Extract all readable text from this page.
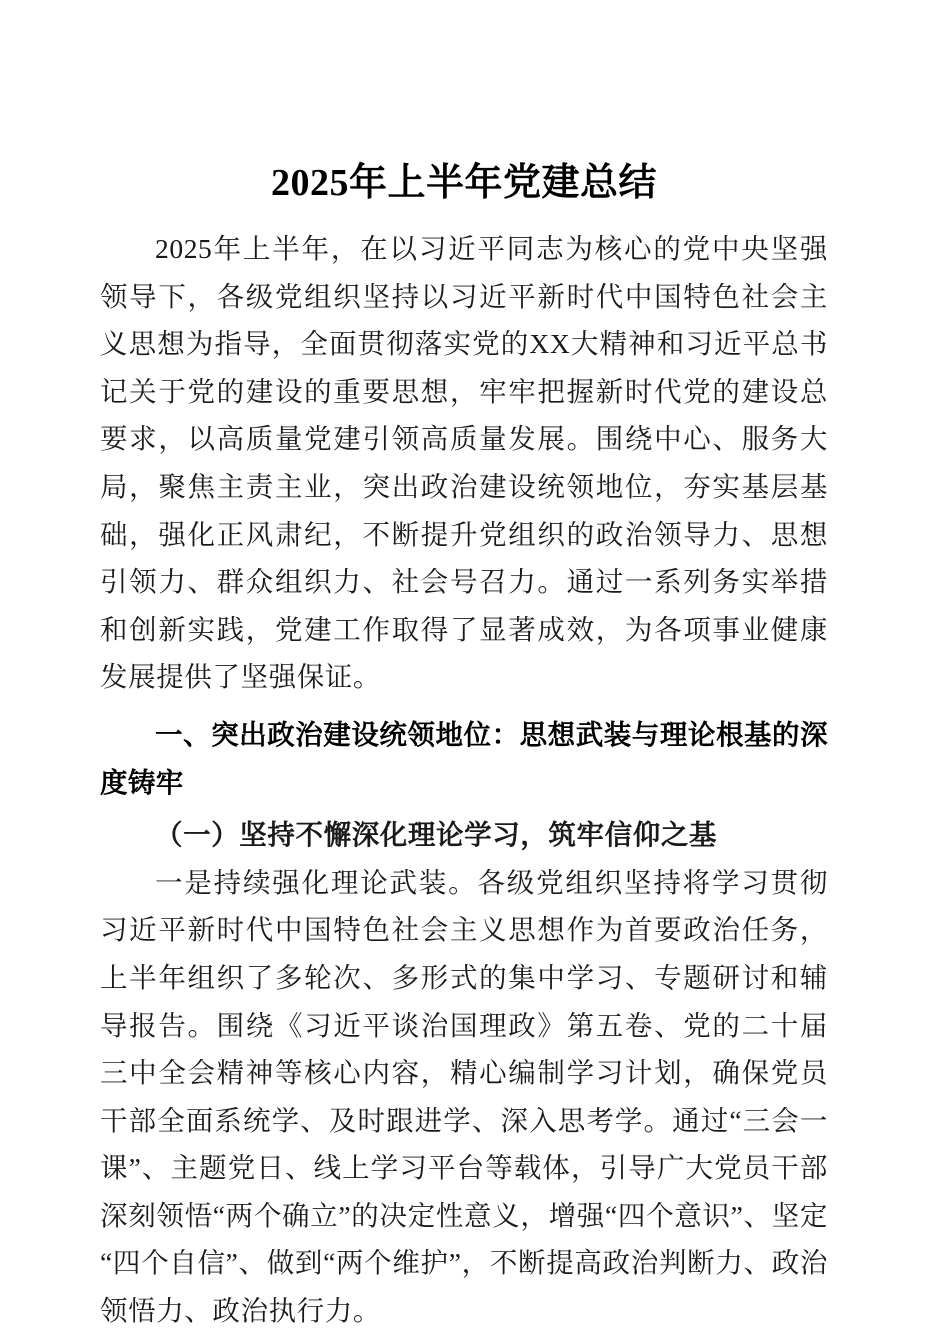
2025年上半年党建总结

2025年上半年，在以习近平同志为核心的党中央坚强领导下，各级党组织坚持以习近平新时代中国特色社会主义思想为指导，全面贯彻落实党的XX大精神和习近平总书记关于党的建设的重要思想，牢牢把握新时代党的建设总要求，以高质量党建引领高质量发展。围绕中心、服务大局，聚焦主责主业，突出政治建设统领地位，夯实基层基础，强化正风肃纪，不断提升党组织的政治领导力、思想引领力、群众组织力、社会号召力。通过一系列务实举措和创新实践，党建工作取得了显著成效，为各项事业健康发展提供了坚强保证。

一、突出政治建设统领地位：思想武装与理论根基的深度铸牢
（一）坚持不懈深化理论学习，筑牢信仰之基

一是持续强化理论武装。各级党组织坚持将学习贯彻习近平新时代中国特色社会主义思想作为首要政治任务，上半年组织了多轮次、多形式的集中学习、专题研讨和辅导报告。围绕《习近平谈治国理政》第五卷、党的二十届三中全会精神等核心内容，精心编制学习计划，确保党员干部全面系统学、及时跟进学、深入思考学。通过“三会一课”、主题党日、线上学习平台等载体，引导广大党员干部深刻领悟“两个确立”的决定性意义，增强“四个意识”、坚定“四个自信”、做到“两个维护”，不断提高政治判断力、政治领悟力、政治执行力。
